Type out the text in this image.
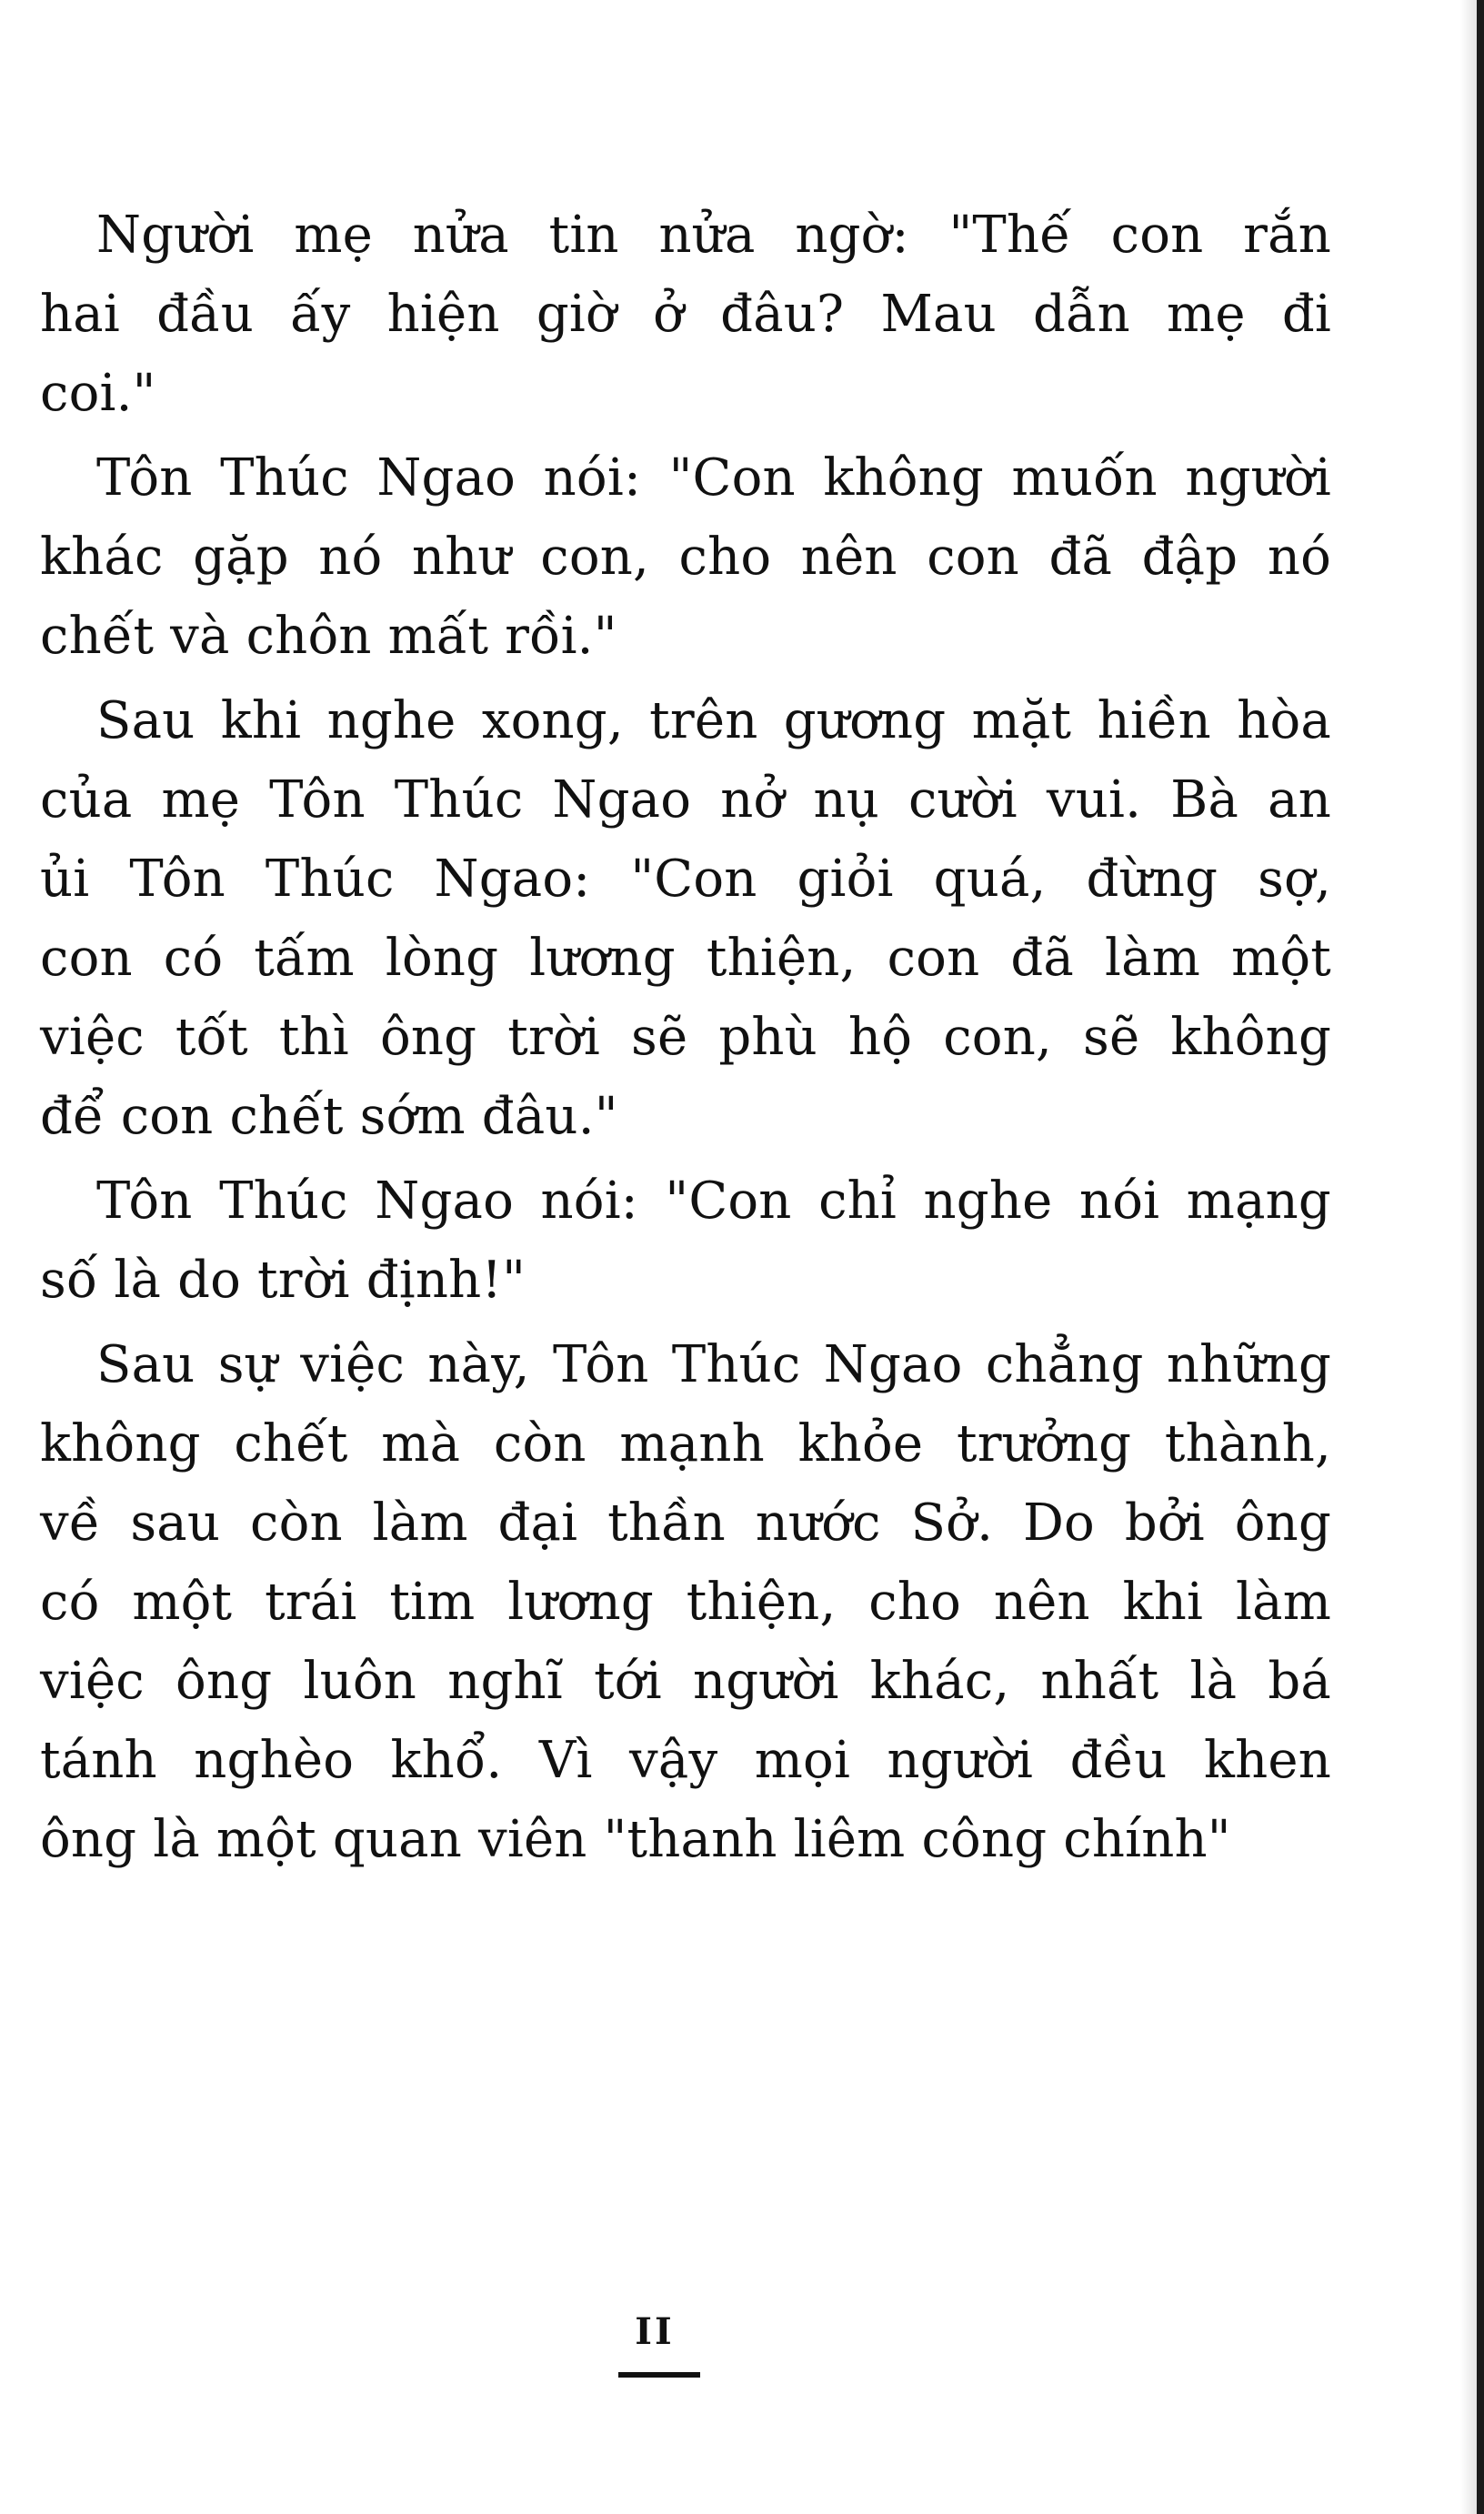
Người mẹ nửa tin nửa ngờ: "Thế con rắn
hai đầu ấy hiện giờ ở đâu? Mau dẫn mẹ đi
coi."

Tôn Thúc Ngao nói: "Con không muốn người
khác gặp nó như con, cho nên con đã đập nó
chết và chôn mất rồi."

Sau khi nghe xong, trên gương mặt hiền hòa
của mẹ Tôn Thúc Ngao nở nụ cười vui. Bà an
ủi Tôn Thúc Ngao: "Con giỏi quá, đừng sợ,
con có tấm lòng lương thiện, con đã làm một
việc tốt thì ông trời sẽ phù hộ con, sẽ không
để con chết sớm đâu."

Tôn Thúc Ngao nói: "Con chỉ nghe nói mạng
số là do trời định!"

Sau sự việc này, Tôn Thúc Ngao chẳng những
không chết mà còn mạnh khỏe trưởng thành,
về sau còn làm đại thần nước Sở. Do bởi ông
có một trái tim lương thiện, cho nên khi làm
việc ông luôn nghĩ tới người khác, nhất là bá
tánh nghèo khổ. Vì vậy mọi người đều khen
ông là một quan viên "thanh liêm công chính"

II
